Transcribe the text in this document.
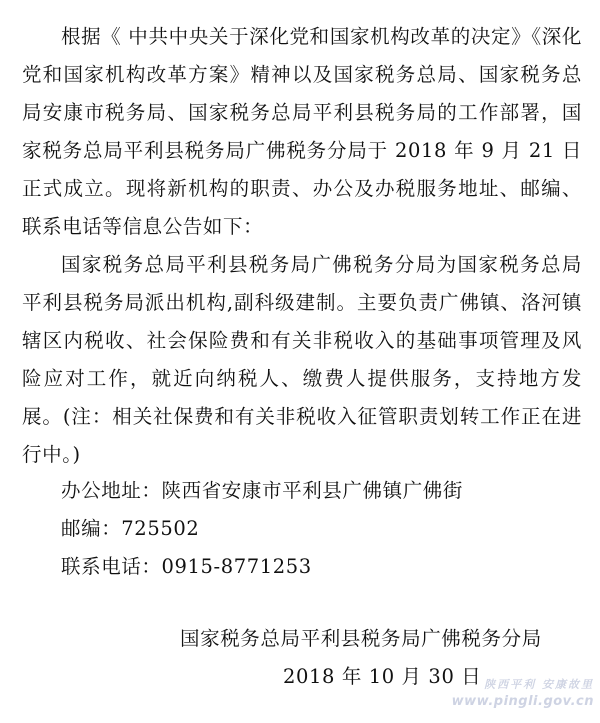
根据《 中共中央关于深化党和国家机构改革的决定》《深化党和国家机构改革方案》精神以及国家税务总局、国家税务总局安康市税务局、国家税务总局平利县税务局的工作部署，国家税务总局平利县税务局广佛税务分局于 2018 年 9 月 21 日正式成立。现将新机构的职责、办公及办税服务地址、邮编、联系电话等信息公告如下：

国家税务总局平利县税务局广佛税务分局为国家税务总局平利县税务局派出机构,副科级建制。主要负责广佛镇、洛河镇辖区内税收、社会保险费和有关非税收入的基础事项管理及风险应对工作，就近向纳税人、缴费人提供服务，支持地方发展。(注：相关社保费和有关非税收入征管职责划转工作正在进行中。)

办公地址：陕西省安康市平利县广佛镇广佛街

邮编：725502

联系电话：0915-8771253

国家税务总局平利县税务局广佛税务分局

2018 年 10 月 30 日 陕西平利 安康故里
www.pingli.gov.cn
